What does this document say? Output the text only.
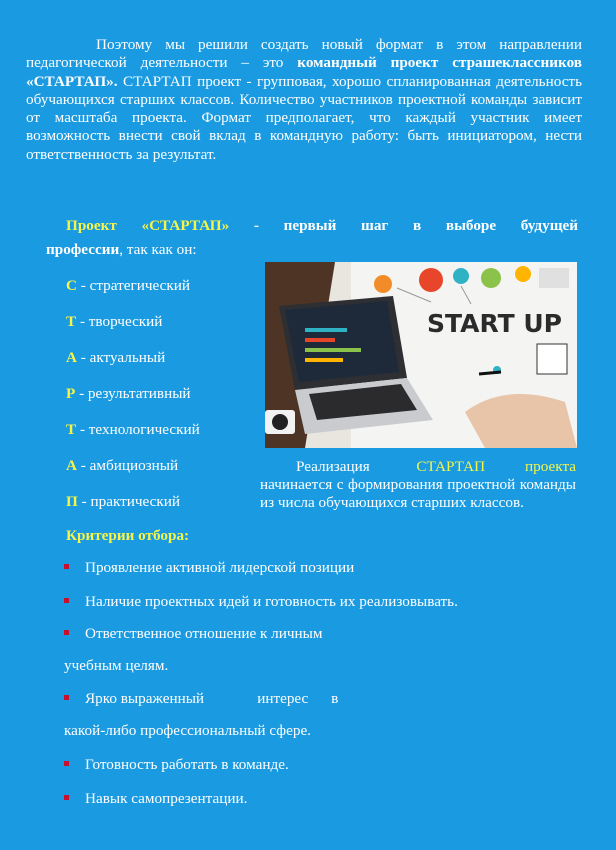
Поэтому мы решили создать новый формат в этом направлении педагогической деятельности – это командный проект страшеклассников «СТАРТАП». СТАРТАП проект - групповая, хорошо спланированная деятельность обучающихся старших классов. Количество участников проектной команды зависит от масштаба проекта. Формат предполагает, что каждый участник имеет возможность внести свой вклад в командную работу: быть инициатором, нести ответственность за результат.
Проект «СТАРТАП» - первый шаг в выборе будущей
профессии, так как он:
С - стратегический
Т - творческий
А - актуальный
Р - результативный
Т - технологический
А - амбициозный
П - практический
START UP
Реализация	СТАРТАП	проекта начинается с формирования проектной команды из числа обучающихся старших классов.
Критерии отбора:
Проявление активной лидерской позиции
Наличие проектных идей и готовность их реализовывать.
Ответственное отношение к личным
учебным целям.
Ярко выраженный              интерес      в
какой-либо профессиональный сфере.
Готовность работать в команде.
Навык самопрезентации.
